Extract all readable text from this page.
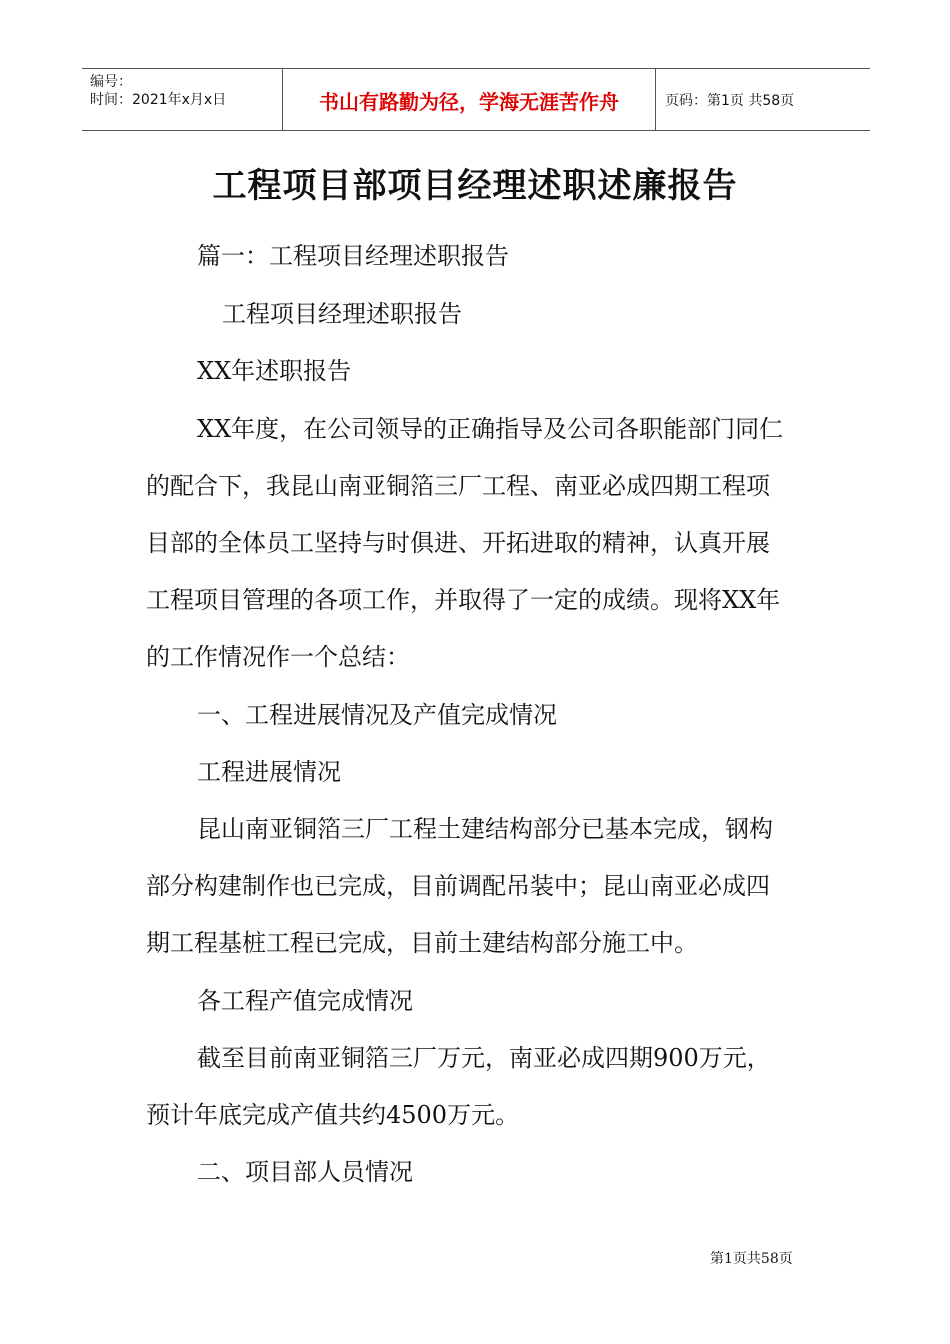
编号：
时间：2021年x月x日	书山有路勤为径，学海无涯苦作舟	页码：第1页 共58页
工程项目部项目经理述职述廉报告
篇一：工程项目经理述职报告
工程项目经理述职报告
XX年述职报告
XX年度，在公司领导的正确指导及公司各职能部门同仁
的配合下，我昆山南亚铜箔三厂工程、南亚必成四期工程项
目部的全体员工坚持与时俱进、开拓进取的精神，认真开展
工程项目管理的各项工作，并取得了一定的成绩。现将XX年
的工作情况作一个总结：
一、工程进展情况及产值完成情况
工程进展情况
昆山南亚铜箔三厂工程土建结构部分已基本完成，钢构
部分构建制作也已完成，目前调配吊装中；昆山南亚必成四
期工程基桩工程已完成，目前土建结构部分施工中。
各工程产值完成情况
截至目前南亚铜箔三厂万元，南亚必成四期900万元，
预计年底完成产值共约4500万元。
二、项目部人员情况
第1页共58页
